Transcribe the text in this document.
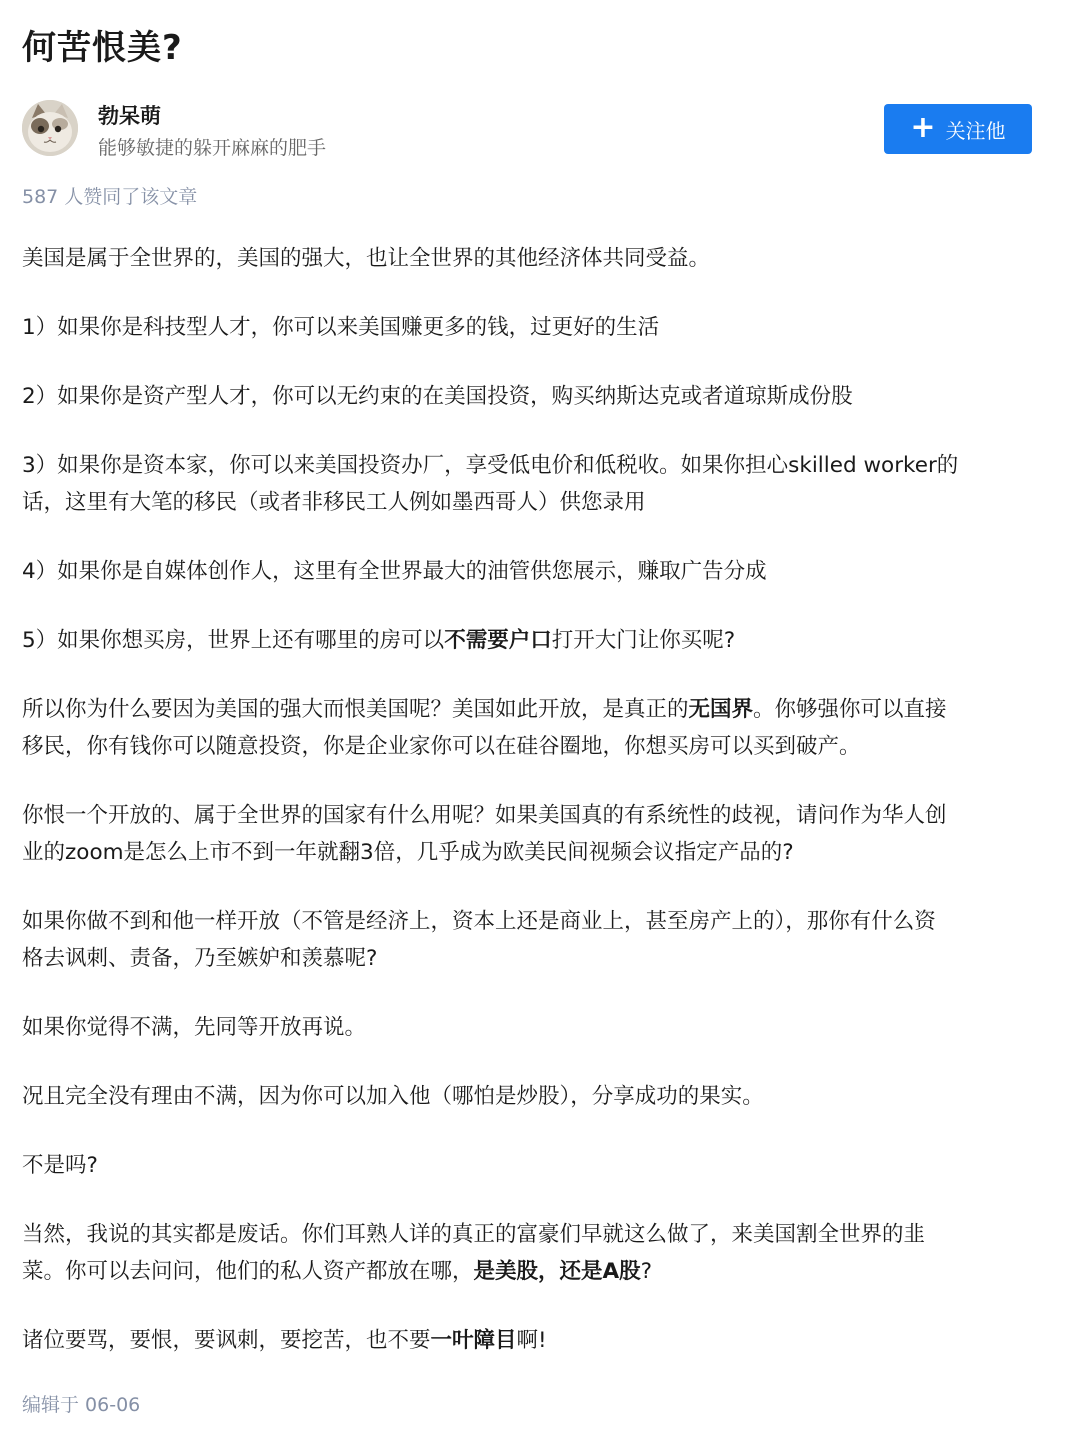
何苦恨美?
勃呆萌
能够敏捷的躲开麻麻的肥手
+ 关注他
587 人赞同了该文章

美国是属于全世界的，美国的强大，也让全世界的其他经济体共同受益。

1）如果你是科技型人才，你可以来美国赚更多的钱，过更好的生活

2）如果你是资产型人才，你可以无约束的在美国投资，购买纳斯达克或者道琼斯成份股

3）如果你是资本家，你可以来美国投资办厂，享受低电价和低税收。如果你担心skilled worker的

话，这里有大笔的移民（或者非移民工人例如墨西哥人）供您录用

4）如果你是自媒体创作人，这里有全世界最大的油管供您展示，赚取广告分成

5）如果你想买房，世界上还有哪里的房可以不需要户口打开大门让你买呢?

所以你为什么要因为美国的强大而恨美国呢？美国如此开放，是真正的无国界。你够强你可以直接

移民，你有钱你可以随意投资，你是企业家你可以在硅谷圈地，你想买房可以买到破产。

你恨一个开放的、属于全世界的国家有什么用呢？如果美国真的有系统性的歧视，请问作为华人创

业的zoom是怎么上市不到一年就翻3倍，几乎成为欧美民间视频会议指定产品的?

如果你做不到和他一样开放（不管是经济上，资本上还是商业上，甚至房产上的），那你有什么资

格去讽刺、责备，乃至嫉妒和羡慕呢?

如果你觉得不满，先同等开放再说。

况且完全没有理由不满，因为你可以加入他（哪怕是炒股），分享成功的果实。

不是吗?

当然，我说的其实都是废话。你们耳熟人详的真正的富豪们早就这么做了，来美国割全世界的韭

菜。你可以去问问，他们的私人资产都放在哪，是美股，还是A股?

诸位要骂，要恨，要讽刺，要挖苦，也不要一叶障目啊!

编辑于 06-06
